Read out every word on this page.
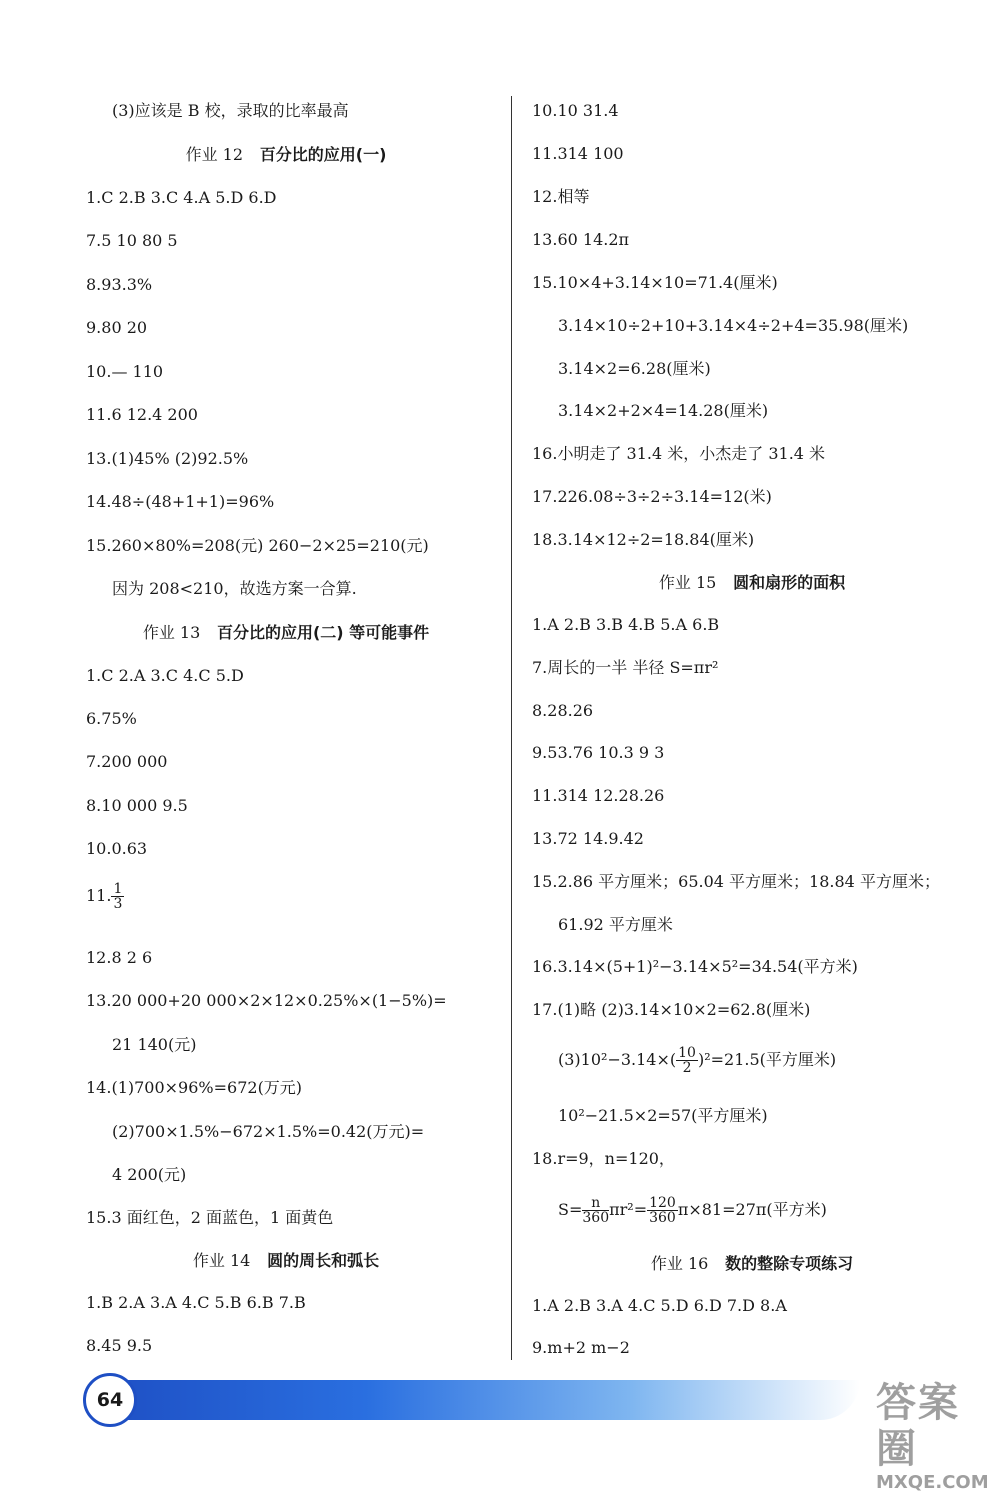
(3)应该是 B 校，录取的比率最高
作业 12 百分比的应用(一)
1.C 2.B 3.C 4.A 5.D 6.D
7.5 10 80 5
8.93.3%
9.80 20
10.— 110
11.6 12.4 200
13.(1)45% (2)92.5%
14.48÷(48+1+1)=96%
15.260×80%=208(元) 260−2×25=210(元)
因为 208<210，故选方案一合算.
作业 13 百分比的应用(二) 等可能事件
1.C 2.A 3.C 4.C 5.D
6.75%
7.200 000
8.10 000 9.5
10.0.63
11. $\frac{1}{3}$
12.8 2 6
13.20 000+20 000×2×12×0.25%×(1−5%)=
21 140(元)
14.(1)700×96%=672(万元)
(2)700×1.5%−672×1.5%=0.42(万元)=
4 200(元)
15.3 面红色，2 面蓝色，1 面黄色
作业 14 圆的周长和弧长
1.B 2.A 3.A 4.C 5.B 6.B 7.B
8.45 9.5
10.10 31.4
11.314 100
12.相等
13.60 14.2π
15.10×4+3.14×10=71.4(厘米)
3.14×10÷2+10+3.14×4÷2+4=35.98(厘米)
3.14×2=6.28(厘米)
3.14×2+2×4=14.28(厘米)
16.小明走了 31.4 米，小杰走了 31.4 米
17.226.08÷3÷2÷3.14=12(米)
18.3.14×12÷2=18.84(厘米)
作业 15 圆和扇形的面积
1.A 2.B 3.B 4.B 5.A 6.B
7.周长的一半 半径 S=πr²
8.28.26
9.53.76 10.3 9 3
11.314 12.28.26
13.72 14.9.42
15.2.86 平方厘米；65.04 平方厘米；18.84 平方厘米；
61.92 平方厘米
16.3.14×(5+1)²−3.14×5²=34.54(平方米)
17.(1)略 (2)3.14×10×2=62.8(厘米)
$(3)10^2-3.14\times( \frac{10}{2} )^2=21.5$(平方厘米)
10²−21.5×2=57(平方厘米)
18.r=9，n=120，
$S= \frac{n}{360} \pi r^2= \frac{120}{360} \pi\times 81=27\pi$(平方米)
作业 16 数的整除专项练习
1.A 2.B 3.A 4.C 5.D 6.D 7.D 8.A
9.m+2 m−2
64	答案圈
MXQE.COM
